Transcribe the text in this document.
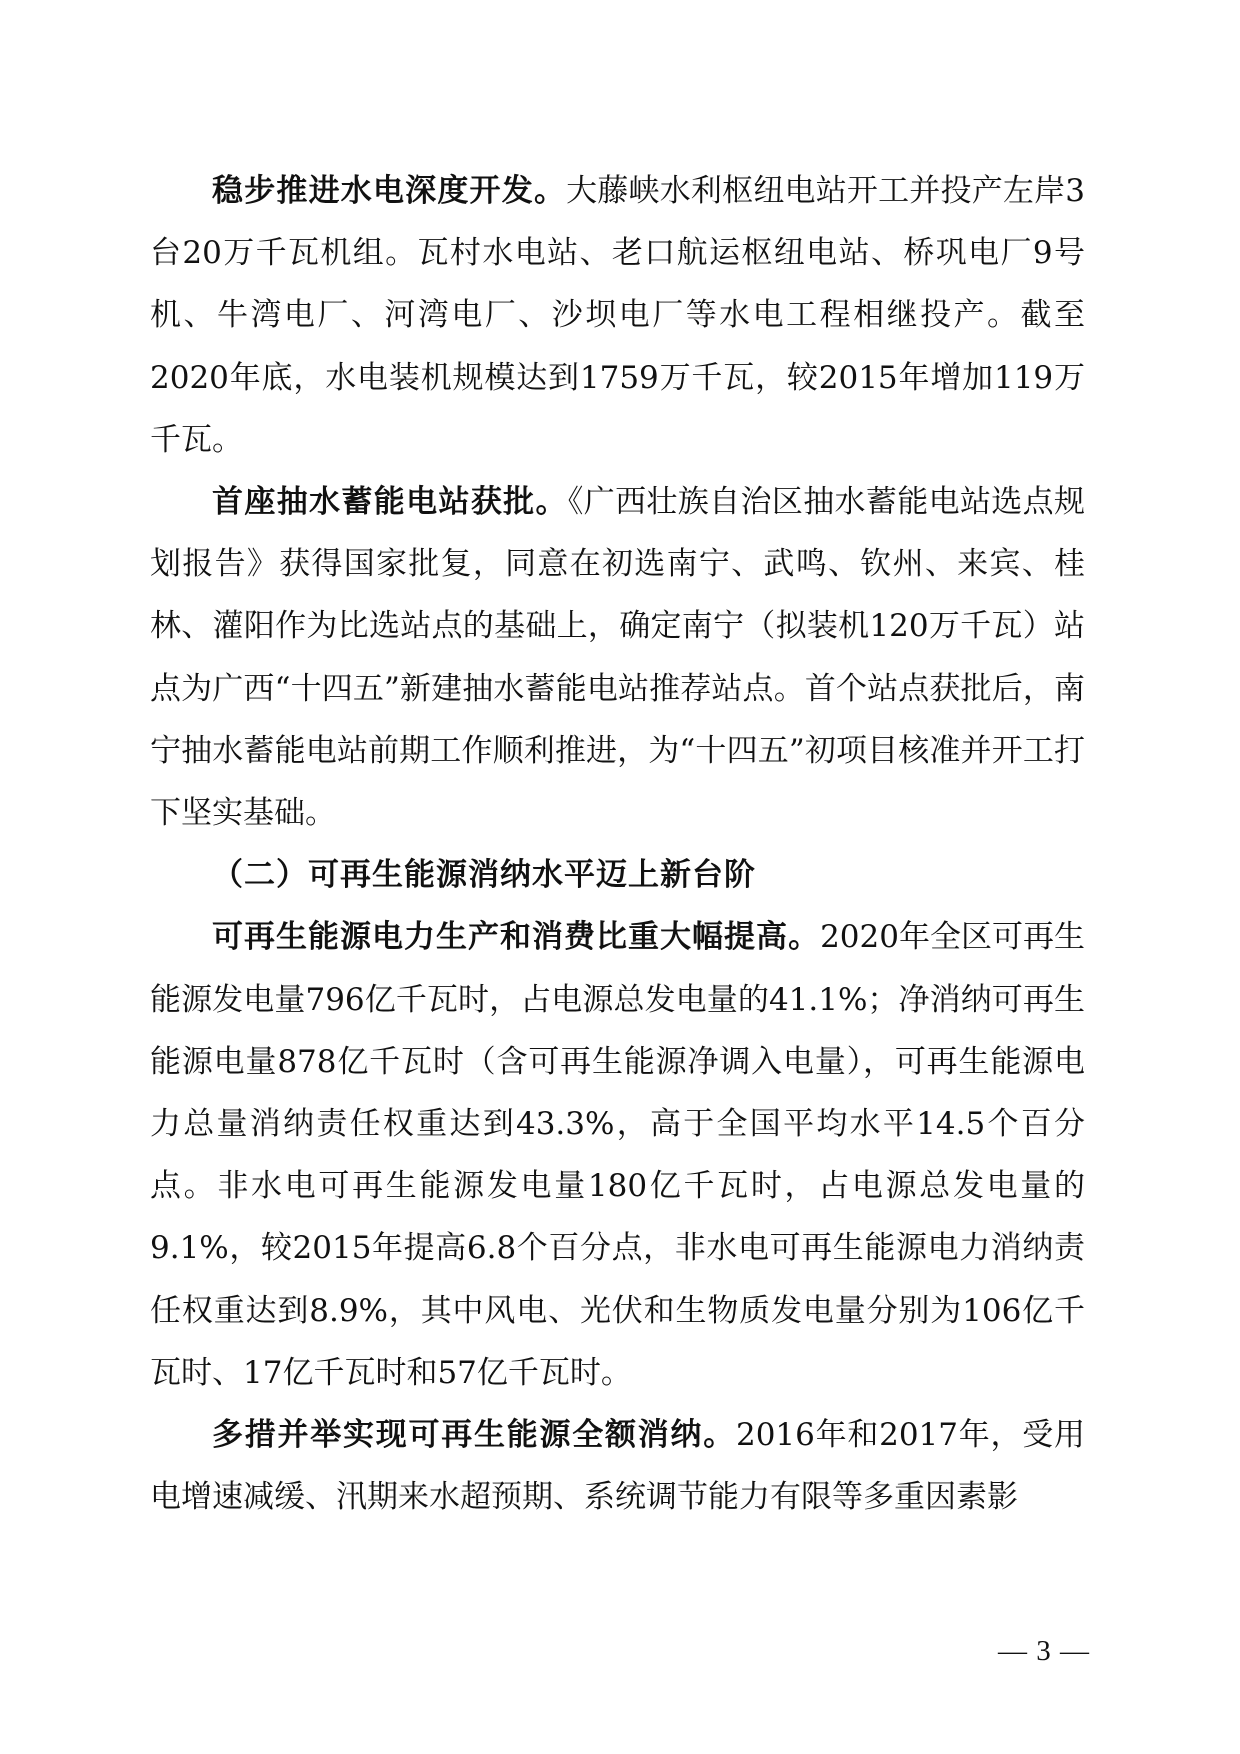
稳步推进水电深度开发。大藤峡水利枢纽电站开工并投产左岸3台20万千瓦机组。瓦村水电站、老口航运枢纽电站、桥巩电厂9号机、牛湾电厂、河湾电厂、沙坝电厂等水电工程相继投产。截至2020年底，水电装机规模达到1759万千瓦，较2015年增加119万千瓦。

首座抽水蓄能电站获批。《广西壮族自治区抽水蓄能电站选点规划报告》获得国家批复，同意在初选南宁、武鸣、钦州、来宾、桂林、灌阳作为比选站点的基础上，确定南宁（拟装机120万千瓦）站点为广西“十四五”新建抽水蓄能电站推荐站点。首个站点获批后，南宁抽水蓄能电站前期工作顺利推进，为“十四五”初项目核准并开工打下坚实基础。

（二）可再生能源消纳水平迈上新台阶

可再生能源电力生产和消费比重大幅提高。2020年全区可再生能源发电量796亿千瓦时，占电源总发电量的41.1%；净消纳可再生能源电量878亿千瓦时（含可再生能源净调入电量），可再生能源电力总量消纳责任权重达到43.3%，高于全国平均水平14.5个百分点。非水电可再生能源发电量180亿千瓦时，占电源总发电量的9.1%，较2015年提高6.8个百分点，非水电可再生能源电力消纳责任权重达到8.9%，其中风电、光伏和生物质发电量分别为106亿千瓦时、17亿千瓦时和57亿千瓦时。

多措并举实现可再生能源全额消纳。2016年和2017年，受用电增速减缓、汛期来水超预期、系统调节能力有限等多重因素影

— 3 —
